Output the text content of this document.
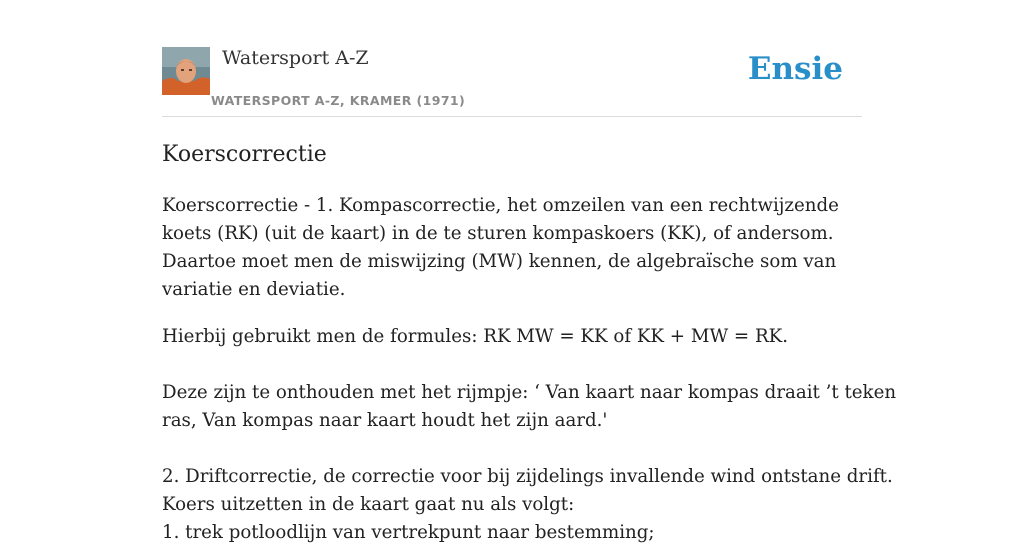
Watersport A-Z
WATERSPORT A-Z, KRAMER (1971)
Ensie
Koerscorrectie

Koerscorrectie - 1. Kompascorrectie, het omzeilen van een rechtwijzende koets (RK) (uit de kaart) in de te sturen kompaskoers (KK), of andersom. Daartoe moet men de miswijzing (MW) kennen, de algebraïsche som van variatie en deviatie.

Hierbij gebruikt men de formules: RK MW = KK of KK + MW = RK.
Deze zijn te onthouden met het rijmpje: ‘ Van kaart naar kompas draait ’t teken
ras, Van kompas naar kaart houdt het zijn aard.'
2. Driftcorrectie, de correctie voor bij zijdelings invallende wind ontstane drift.
Koers uitzetten in de kaart gaat nu als volgt:
1. trek potloodlijn van vertrekpunt naar bestemming;
